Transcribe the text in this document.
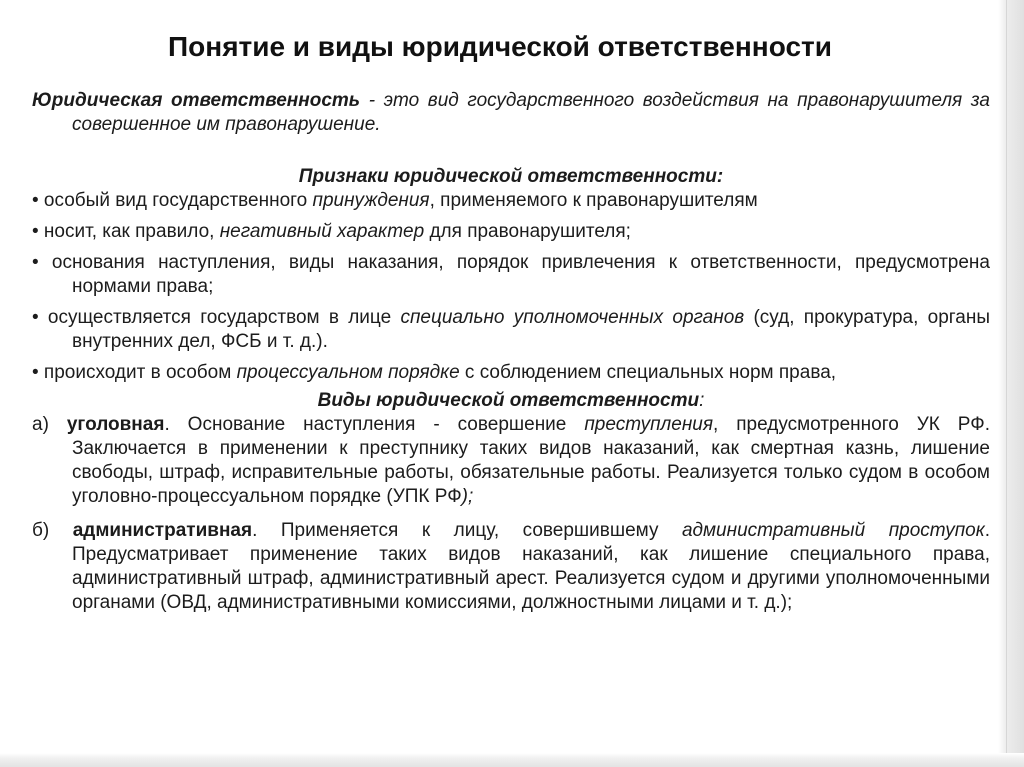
Понятие и виды юридической ответственности

Юридическая ответственность - это вид государственного воздействия на правонарушителя за совершенное им правонарушение.

Признаки юридической ответственности:

• особый вид государственного принуждения, применяемого к правонарушителям

• носит, как правило, негативный характер для правонарушителя;

• основания наступления, виды наказания, порядок привлечения к ответственности, предусмотрена нормами права;

• осуществляется государством в лице специально уполномоченных органов (суд, прокуратура, органы внутренних дел, ФСБ и т. д.).

• происходит в особом процессуальном порядке с соблюдением специальных норм права,

Виды юридической ответственности:

а) уголовная. Основание наступления - совершение преступления, предусмотренного УК РФ. Заключается в применении к преступнику таких видов наказаний, как смертная казнь, лишение свободы, штраф, исправительные работы, обязательные работы. Реализуется только судом в особом уголовно-процессуальном порядке (УПК РФ);

б) административная. Применяется к лицу, совершившему административный проступок. Предусматривает применение таких видов наказаний, как лишение специального права, административный штраф, административный арест. Реализуется судом и другими уполномоченными органами (ОВД, административными комиссиями, должностными лицами и т. д.);
